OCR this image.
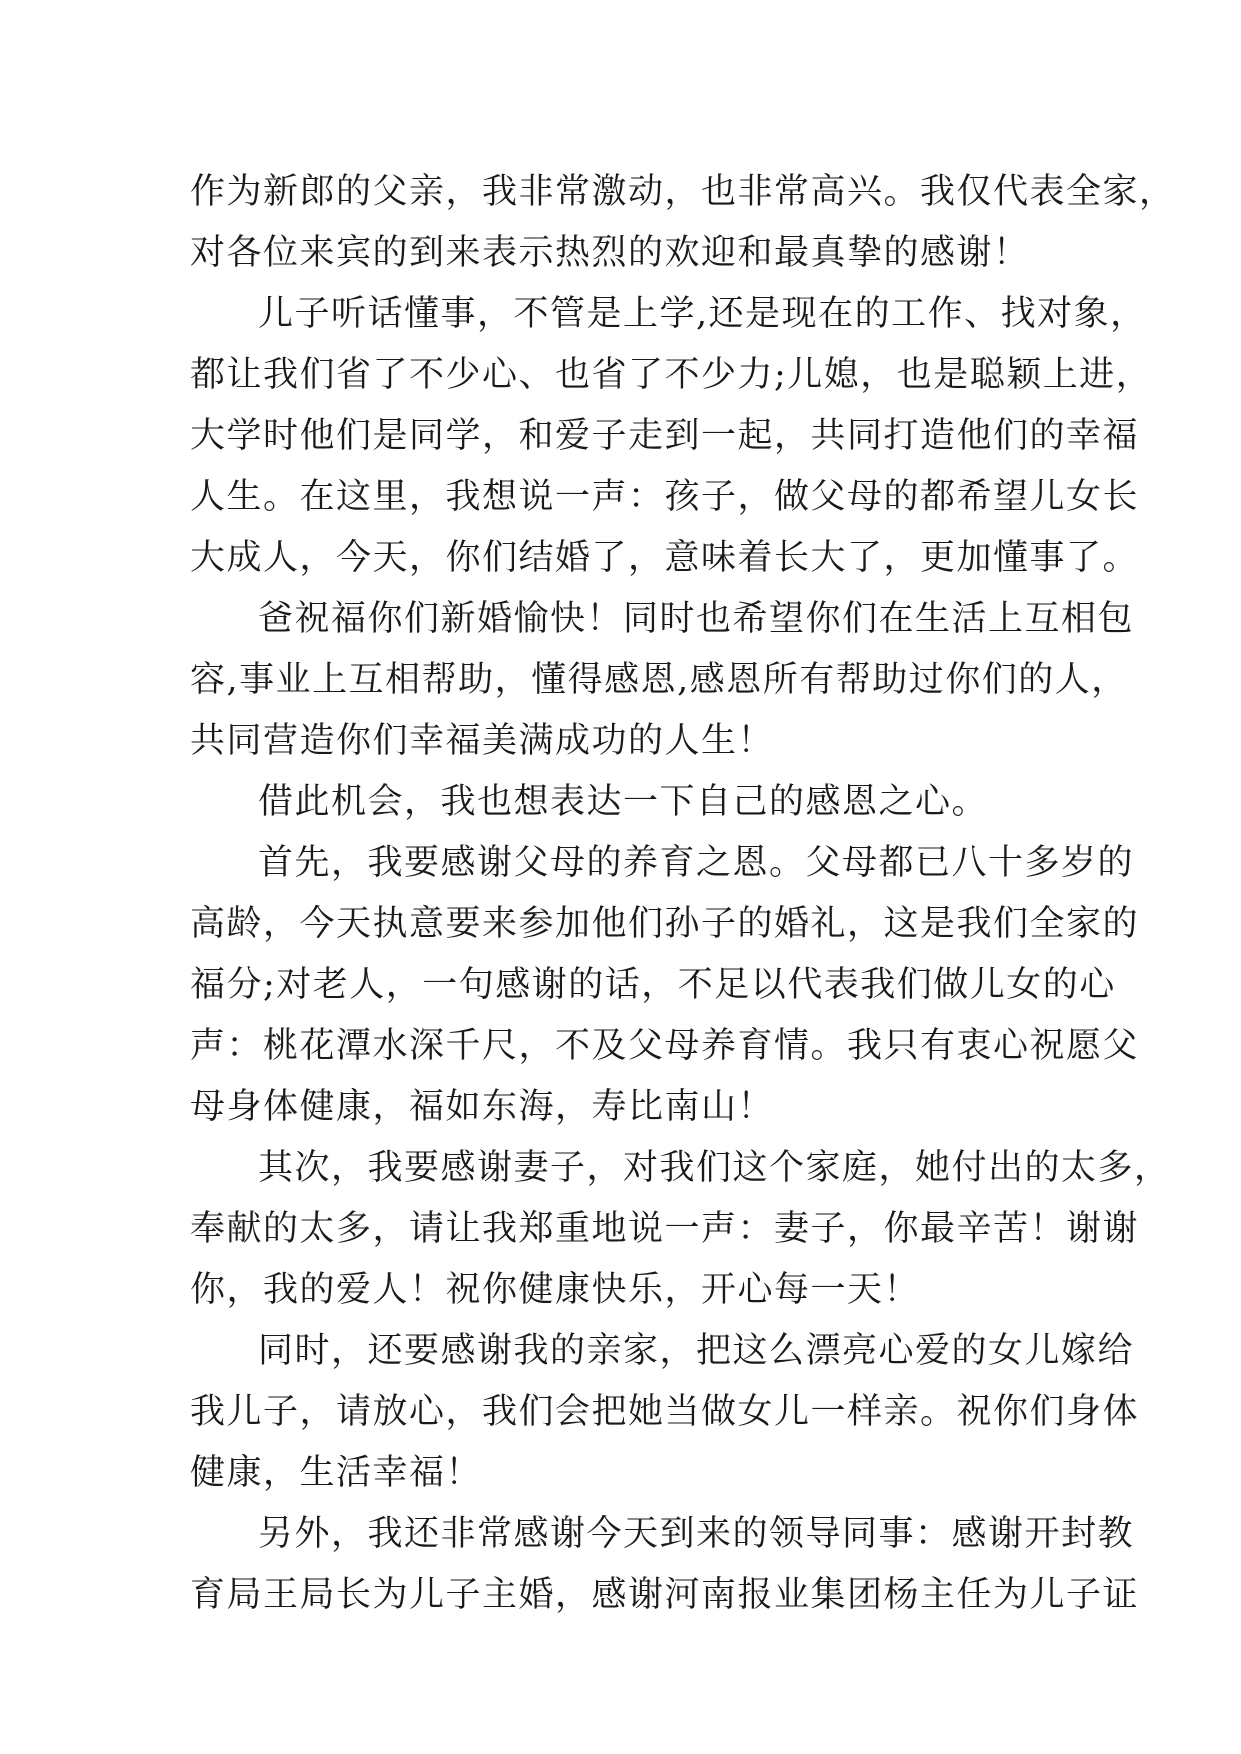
作为新郎的父亲，我非常激动，也非常高兴。我仅代表全家，
对各位来宾的到来表示热烈的欢迎和最真挚的感谢！
儿子听话懂事，不管是上学,还是现在的工作、找对象，
都让我们省了不少心、也省了不少力;儿媳，也是聪颖上进，
大学时他们是同学，和爱子走到一起，共同打造他们的幸福
人生。在这里，我想说一声：孩子，做父母的都希望儿女长
大成人，今天，你们结婚了，意味着长大了，更加懂事了。
爸祝福你们新婚愉快！同时也希望你们在生活上互相包
容,事业上互相帮助，懂得感恩,感恩所有帮助过你们的人，
共同营造你们幸福美满成功的人生！
借此机会，我也想表达一下自己的感恩之心。
首先，我要感谢父母的养育之恩。父母都已八十多岁的
高龄，今天执意要来参加他们孙子的婚礼，这是我们全家的
福分;对老人，一句感谢的话，不足以代表我们做儿女的心
声：桃花潭水深千尺，不及父母养育情。我只有衷心祝愿父
母身体健康，福如东海，寿比南山！
其次，我要感谢妻子，对我们这个家庭，她付出的太多，
奉献的太多，请让我郑重地说一声：妻子，你最辛苦！谢谢
你，我的爱人！祝你健康快乐，开心每一天！
同时，还要感谢我的亲家，把这么漂亮心爱的女儿嫁给
我儿子，请放心，我们会把她当做女儿一样亲。祝你们身体
健康，生活幸福！
另外，我还非常感谢今天到来的领导同事：感谢开封教
育局王局长为儿子主婚，感谢河南报业集团杨主任为儿子证
